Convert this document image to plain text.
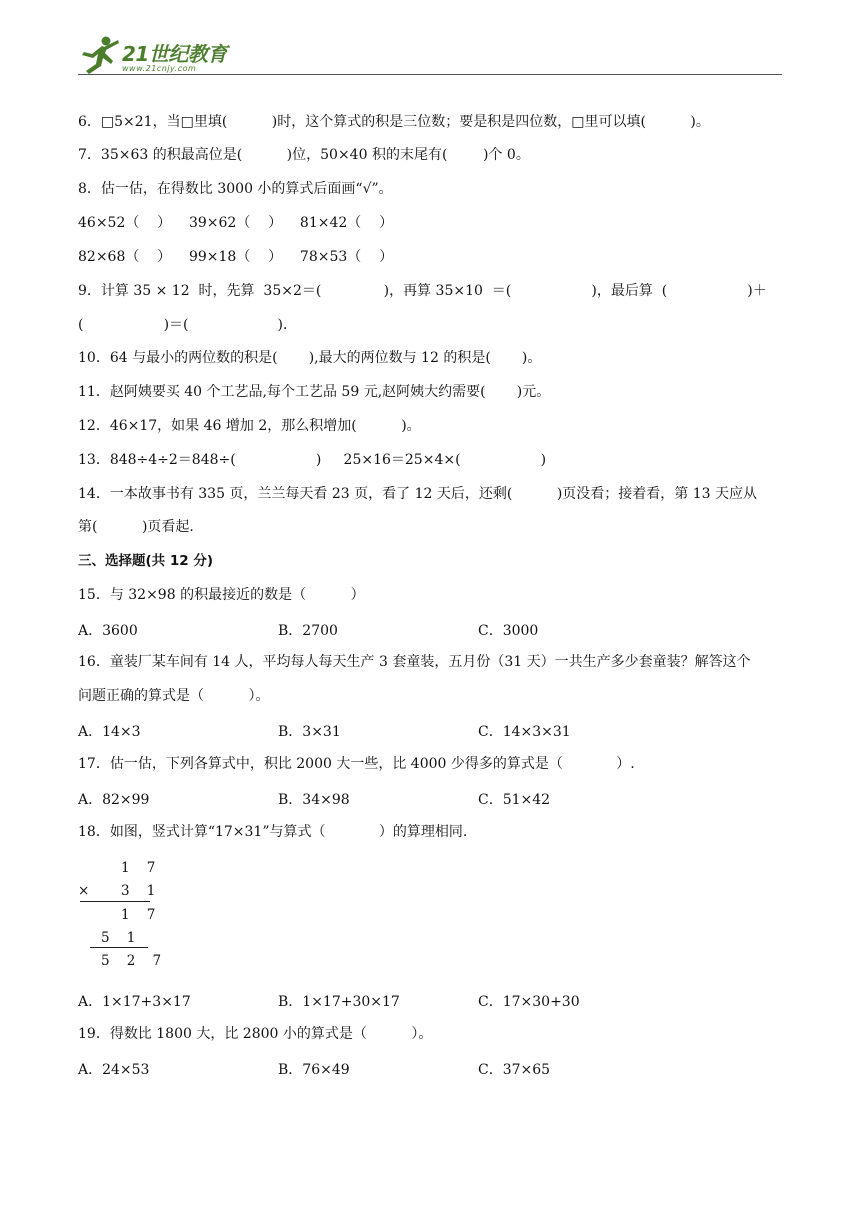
21世纪教育
www.21cnjy.com
6．□5×21，当□里填(          )时，这个算式的积是三位数；要是积是四位数，□里可以填(          )。
7．35×63 的积最高位是(          )位，50×40 积的末尾有(        )个 0。
8．估一估，在得数比 3000 小的算式后面画“√”。
46×52（    ）    39×62（    ）    81×42（    ）
82×68（    ）    99×18（    ）    78×53（    ）
9．计算 35 × 12  时，先算  35×2＝(              )，再算 35×10  ＝(                  )，最后算  (                  )＋
(                  )＝(                    )．
10．64 与最小的两位数的积是(       ),最大的两位数与 12 的积是(       )。
11．赵阿姨要买 40 个工艺品,每个工艺品 59 元,赵阿姨大约需要(       )元。
12．46×17，如果 46 增加 2，那么积增加(          )。
13．848÷4÷2＝848÷(                  )     25×16＝25×4×(                  )
14．一本故事书有 335 页，兰兰每天看 23 页，看了 12 天后，还剩(          )页没看；接着看，第 13 天应从
第(          )页看起．
三、选择题(共 12 分)
15．与 32×98 的积最接近的数是（          ）
A．3600	B．2700	C．3000
16．童装厂某车间有 14 人，平均每人每天生产 3 套童装，五月份（31 天）一共生产多少套童装？解答这个
问题正确的算式是（          ）。
A．14×3	B．3×31	C．14×3×31
17．估一估，下列各算式中，积比 2000 大一些，比 4000 少得多的算式是（            ）.
A．82×99	B．34×98	C．51×42
18．如图，竖式计算“17×31”与算式（            ）的算理相同.
1    7
× 3    1
1    7
5    1
5    2    7
A．1×17+3×17	B．1×17+30×17	C．17×30+30
19．得数比 1800 大，比 2800 小的算式是（          ）。
A．24×53	B．76×49	C．37×65
